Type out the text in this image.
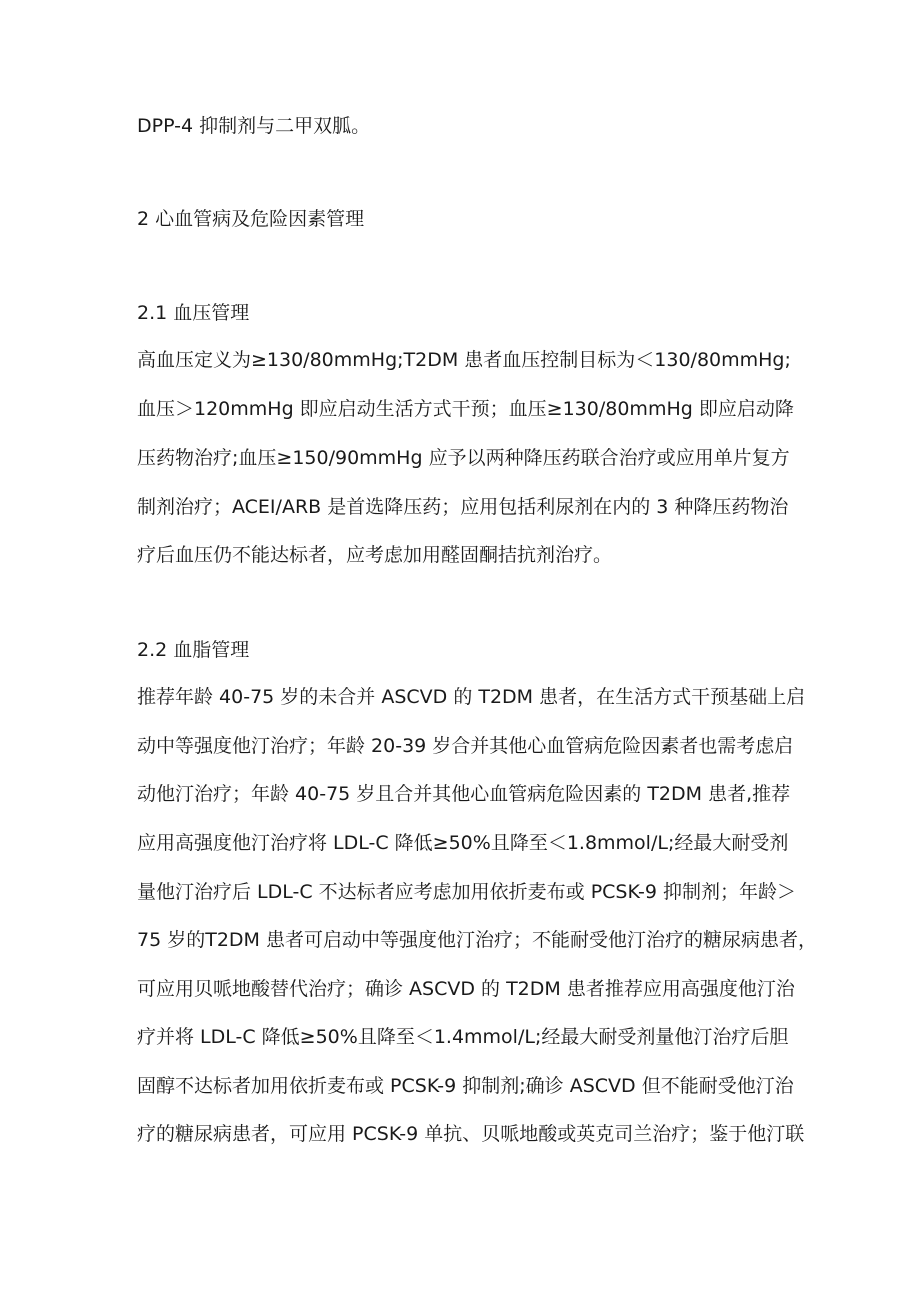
DPP-4 抑制剂与二甲双胍。
2 心血管病及危险因素管理
2.1 血压管理
高血压定义为≥130/80mmHg;T2DM 患者血压控制目标为＜130/80mmHg;
血压＞120mmHg 即应启动生活方式干预；血压≥130/80mmHg 即应启动降
压药物治疗;血压≥150/90mmHg 应予以两种降压药联合治疗或应用单片复方
制剂治疗；ACEI/ARB 是首选降压药；应用包括利尿剂在内的 3 种降压药物治
疗后血压仍不能达标者，应考虑加用醛固酮拮抗剂治疗。
2.2 血脂管理
推荐年龄 40-75 岁的未合并 ASCVD 的 T2DM 患者，在生活方式干预基础上启
动中等强度他汀治疗；年龄 20-39 岁合并其他心血管病危险因素者也需考虑启
动他汀治疗；年龄 40-75 岁且合并其他心血管病危险因素的 T2DM 患者,推荐
应用高强度他汀治疗将 LDL-C 降低≥50%且降至＜1.8mmol/L;经最大耐受剂
量他汀治疗后 LDL-C 不达标者应考虑加用依折麦布或 PCSK-9 抑制剂；年龄＞
75 岁的T2DM 患者可启动中等强度他汀治疗；不能耐受他汀治疗的糖尿病患者，
可应用贝哌地酸替代治疗；确诊 ASCVD 的 T2DM 患者推荐应用高强度他汀治
疗并将 LDL-C 降低≥50%且降至＜1.4mmol/L;经最大耐受剂量他汀治疗后胆
固醇不达标者加用依折麦布或 PCSK-9 抑制剂;确诊 ASCVD 但不能耐受他汀治
疗的糖尿病患者，可应用 PCSK-9 单抗、贝哌地酸或英克司兰治疗；鉴于他汀联
